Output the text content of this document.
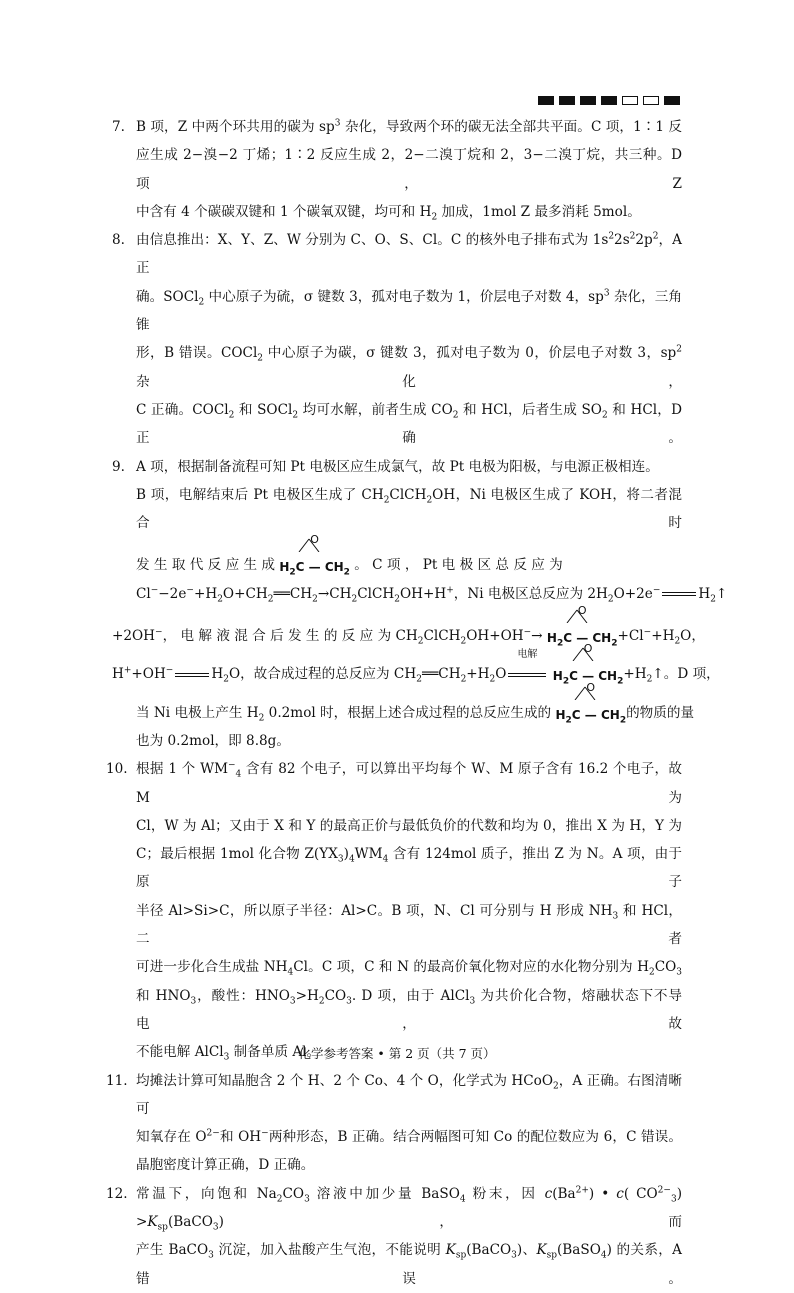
7. B 项，Z 中两个环共用的碳为 $sp^3$ 杂化，导致两个环的碳无法全部共平面。C 项，1∶1 反
应生成 2−溴−2 丁烯；1∶2 反应生成 2，2−二溴丁烷和 2，3−二溴丁烷，共三种。D 项，Z
中含有 4 个碳碳双键和 1 个碳氧双键，均可和 $H_2$ 加成，1mol Z 最多消耗 5mol。
8. 由信息推出：X、Y、Z、W 分别为 C、O、S、Cl。C 的核外电子排布式为 $1s^22s^22p^2$，A 正
确。SOCl$_2$ 中心原子为硫，σ 键数 3，孤对电子数为 1，价层电子对数 4，$sp^3$ 杂化，三角锥
形，B 错误。COCl$_2$ 中心原子为碳，σ 键数 3，孤对电子数为 0，价层电子对数 3，$sp^2$ 杂化，
C 正确。COCl$_2$ 和 SOCl$_2$ 均可水解，前者生成 $CO_2$ 和 HCl，后者生成 $SO_2$ 和 HCl，D 正确。
9. A 项，根据制备流程可知 Pt 电极区应生成氯气，故 Pt 电极为阳极，与电源正极相连。
B 项，电解结束后 Pt 电极区生成了 $CH_2ClCH_2OH$，Ni 电极区生成了 KOH，将二者混合时
发 生 取 代 反 应 生 成
O
$H_2C$ — $CH_2$ 。 C 项 ， Pt 电 极 区 总 反 应 为
$Cl^--2e^-+H_2O+CH_2══CH_2\to CH_2ClCH_2OH+H^+$，Ni 电极区总反应为 $2H_2O+2e^-$	$H_2↑$
+2OH−， 电 解 液 混 合 后 发 生 的 反 应 为 $CH_2ClCH_2OH+OH^-\to$
O
$H_2C$ — $CH_2+Cl^-+H_2O$，
H++OH−	$H_2O$，故合成过程的总反应为 $CH_2══CH_2+H_2O$
电解
	O
$H_2C$ — $CH_2+H_2↑$。D 项，
当 Ni 电极上产生 $H_2$ 0.2mol 时，根据上述合成过程的总反应生成的
O
$H_2C$ — $CH_2$的物质的量
也为 0.2mol，即 8.8g。
10. 根据 1 个 $WM^-_4$ 含有 82 个电子，可以算出平均每个 W、M 原子含有 16.2 个电子，故 M 为
Cl，W 为 Al；又由于 X 和 Y 的最高正价与最低负价的代数和均为 0，推出 X 为 H，Y 为
C；最后根据 1mol 化合物 $Z(YX_3)_4WM_4$ 含有 124mol 质子，推出 Z 为 N。A 项，由于原子
半径 Al>Si>C，所以原子半径：Al>C。B 项，N、Cl 可分别与 H 形成 $NH_3$ 和 HCl，二者
可进一步化合生成盐 $NH_4Cl$。C 项，C 和 N 的最高价氧化物对应的水化物分别为 $H_2CO_3$
和 $HNO_3$，酸性：$HNO_3>H_2CO_3$. D 项，由于 AlCl$_3$ 为共价化合物，熔融状态下不导电，故
不能电解 AlCl$_3$ 制备单质 Al。
11. 均摊法计算可知晶胞含 2 个 H、2 个 Co、4 个 O，化学式为 HCoO$_2$，A 正确。右图清晰可
知氧存在 $O^{2-}$和 OH−两种形态，B 正确。结合两幅图可知 Co 的配位数应为 6，C 错误。
晶胞密度计算正确，D 正确。
12. 常温下，向饱和 $Na_2CO_3$ 溶液中加少量 BaSO$_4$ 粉末，因 $c(Ba^{2+})$ • c( $CO^{2-}_3$) $>K_{sp}(BaCO_3)$，而
产生 BaCO$_3$ 沉淀，加入盐酸产生气泡，不能说明 $K_{sp}(BaCO_3)$、$K_{sp}(BaSO_4)$ 的关系，A 错误。
化学参考答案 • 第 2 页（共 7 页）
